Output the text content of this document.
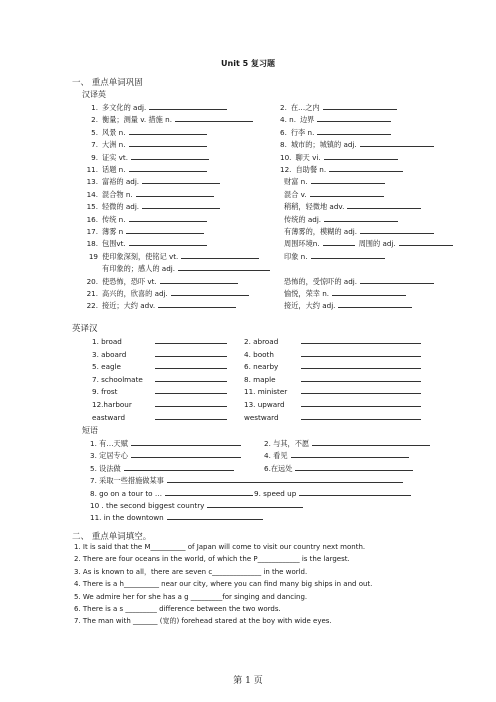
Unit 5 复习题
一、 重点单词巩固
汉译英
1. 多文化的 adj.	2. 在…之内
2. 衡量；测量 v. 措施 n.	4. n. 边界
5. 风景 n.	6. 行李 n.
7. 大洲 n.	8. 城市的；城镇的 adj.
9. 证实 vt.	10. 聊天 vi.
11. 话题 n.	12. 自助餐 n.
13. 富裕的 adj.	财富 n.
14. 混合物 n.	混合 v.
15. 轻微的 adj.	稍稍，轻微地 adv.
16. 传统 n.	传统的 adj.
17. 薄雾 n	有薄雾的，模糊的 adj.
18. 包围vt.	周围环境n.	周围的 adj.
19 使印象深刻，使铭记 vt.	印象 n.
有印象的；感人的 adj.
20. 使恐怖，恐吓 vt.	恐怖的，受惊吓的 adj.
21. 高兴的，欣喜的 adj.	愉悦，荣幸 n.
22. 接近；大约 adv.	接近，大约 adj.
英译汉
1. broad	2. abroad
3. aboard	4. booth
5. eagle	6. nearby
7. schoolmate	8. maple
9. frost	11. minister
12.harbour	13. upward
eastward	westward
短语
1. 有…天赋	2. 与其，不愿
3. 定居专心	4. 看见
5. 设法做	6.在远处
7. 采取一些措施做某事
8. go on a tour to …	9. speed up
10 . the second biggest country
11. in the downtown
二、 重点单词填空。
1. It is said that the M__________ of Japan will come to visit our country next month.
2. There are four oceans in the world, of which the P____________ is the largest.
3. As is known to all，there are seven c______________ in the world.
4. There is a h__________ near our city, where you can find many big ships in and out.
5. We admire her for she has a g _________for singing and dancing.
6. There is a s _________ difference between the two words.
7. The man with _______ (宽的) forehead stared at the boy with wide eyes.
第 1 页
